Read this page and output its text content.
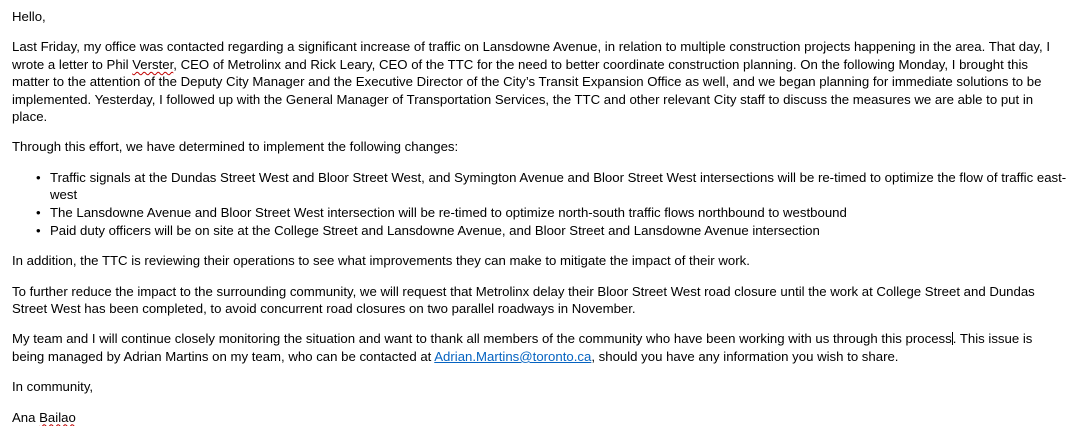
Hello,

Last Friday, my office was contacted regarding a significant increase of traffic on Lansdowne Avenue, in relation to multiple construction projects happening in the area. That day, I wrote a letter to Phil Verster, CEO of Metrolinx and Rick Leary, CEO of the TTC for the need to better coordinate construction planning. On the following Monday, I brought this matter to the attention of the Deputy City Manager and the Executive Director of the City’s Transit Expansion Office as well, and we began planning for immediate solutions to be implemented. Yesterday, I followed up with the General Manager of Transportation Services, the TTC and other relevant City staff to discuss the measures we are able to put in place.

Through this effort, we have determined to implement the following changes:

• Traffic signals at the Dundas Street West and Bloor Street West, and Symington Avenue and Bloor Street West intersections will be re-timed to optimize the flow of traffic east-west
• The Lansdowne Avenue and Bloor Street West intersection will be re-timed to optimize north-south traffic flows northbound to westbound
• Paid duty officers will be on site at the College Street and Lansdowne Avenue, and Bloor Street and Lansdowne Avenue intersection

In addition, the TTC is reviewing their operations to see what improvements they can make to mitigate the impact of their work.

To further reduce the impact to the surrounding community, we will request that Metrolinx delay their Bloor Street West road closure until the work at College Street and Dundas Street West has been completed, to avoid concurrent road closures on two parallel roadways in November.

My team and I will continue closely monitoring the situation and want to thank all members of the community who have been working with us through this process. This issue is being managed by Adrian Martins on my team, who can be contacted at Adrian.Martins@toronto.ca, should you have any information you wish to share.

In community,

Ana Bailao
